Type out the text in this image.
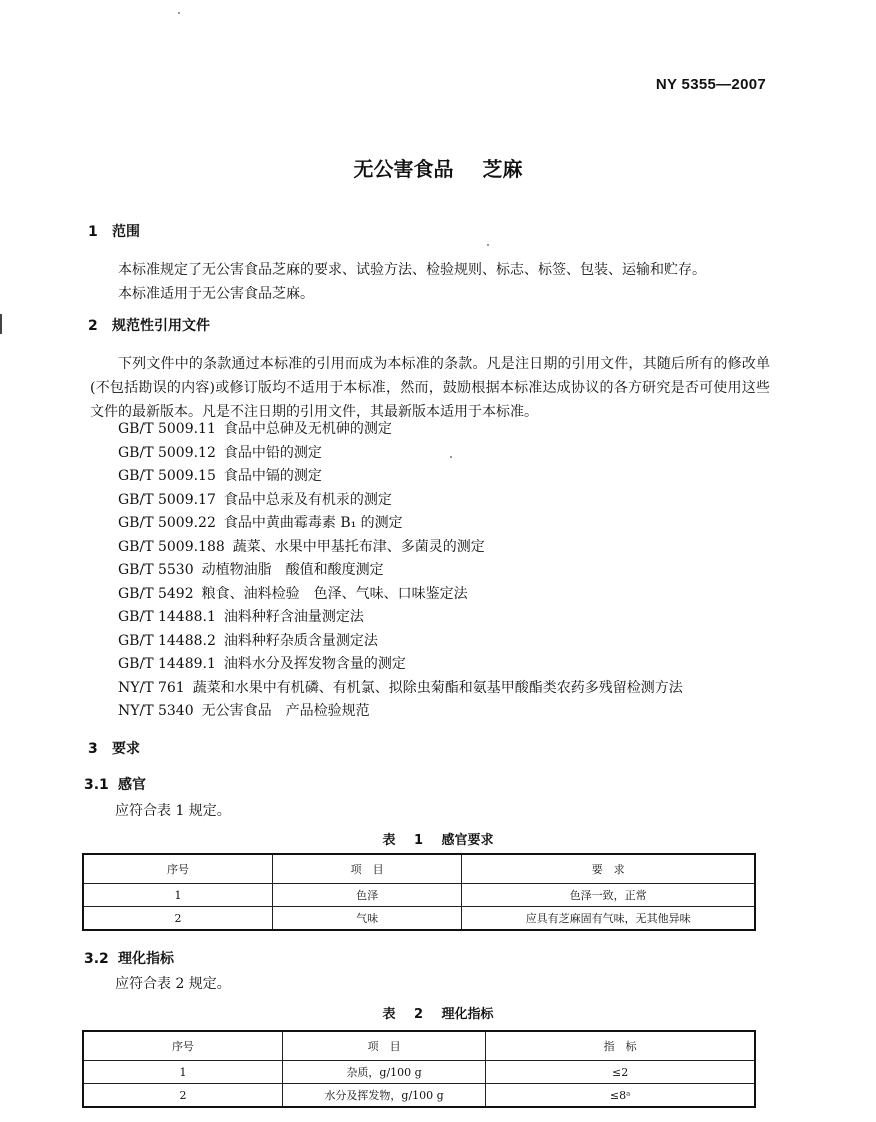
NY 5355—2007
无公害食品 芝麻
1 范围
本标准规定了无公害食品芝麻的要求、试验方法、检验规则、标志、标签、包装、运输和贮存。
本标准适用于无公害食品芝麻。
2 规范性引用文件
下列文件中的条款通过本标准的引用而成为本标准的条款。凡是注日期的引用文件，其随后所有的修改单(不包括勘误的内容)或修订版均不适用于本标准，然而，鼓励根据本标准达成协议的各方研究是否可使用这些文件的最新版本。凡是不注日期的引用文件，其最新版本适用于本标准。
GB/T 5009.11 食品中总砷及无机砷的测定
GB/T 5009.12 食品中铅的测定
GB/T 5009.15 食品中镉的测定
GB/T 5009.17 食品中总汞及有机汞的测定
GB/T 5009.22 食品中黄曲霉毒素 B₁ 的测定
GB/T 5009.188 蔬菜、水果中甲基托布津、多菌灵的测定
GB/T 5530 动植物油脂　酸值和酸度测定
GB/T 5492 粮食、油料检验　色泽、气味、口味鉴定法
GB/T 14488.1 油料种籽含油量测定法
GB/T 14488.2 油料种籽杂质含量测定法
GB/T 14489.1 油料水分及挥发物含量的测定
NY/T 761 蔬菜和水果中有机磷、有机氯、拟除虫菊酯和氨基甲酸酯类农药多残留检测方法
NY/T 5340 无公害食品　产品检验规范
3 要求
3.1 感官
应符合表 1 规定。
表 1 感官要求
序号	项　目	要　求
1	色泽	色泽一致，正常
2	气味	应具有芝麻固有气味，无其他异味
3.2 理化指标
应符合表 2 规定。
表 2 理化指标
序号	项　目	指　标
1	杂质，g/100 g	≤2
2	水分及挥发物，g/100 g	≤8ᵃ
